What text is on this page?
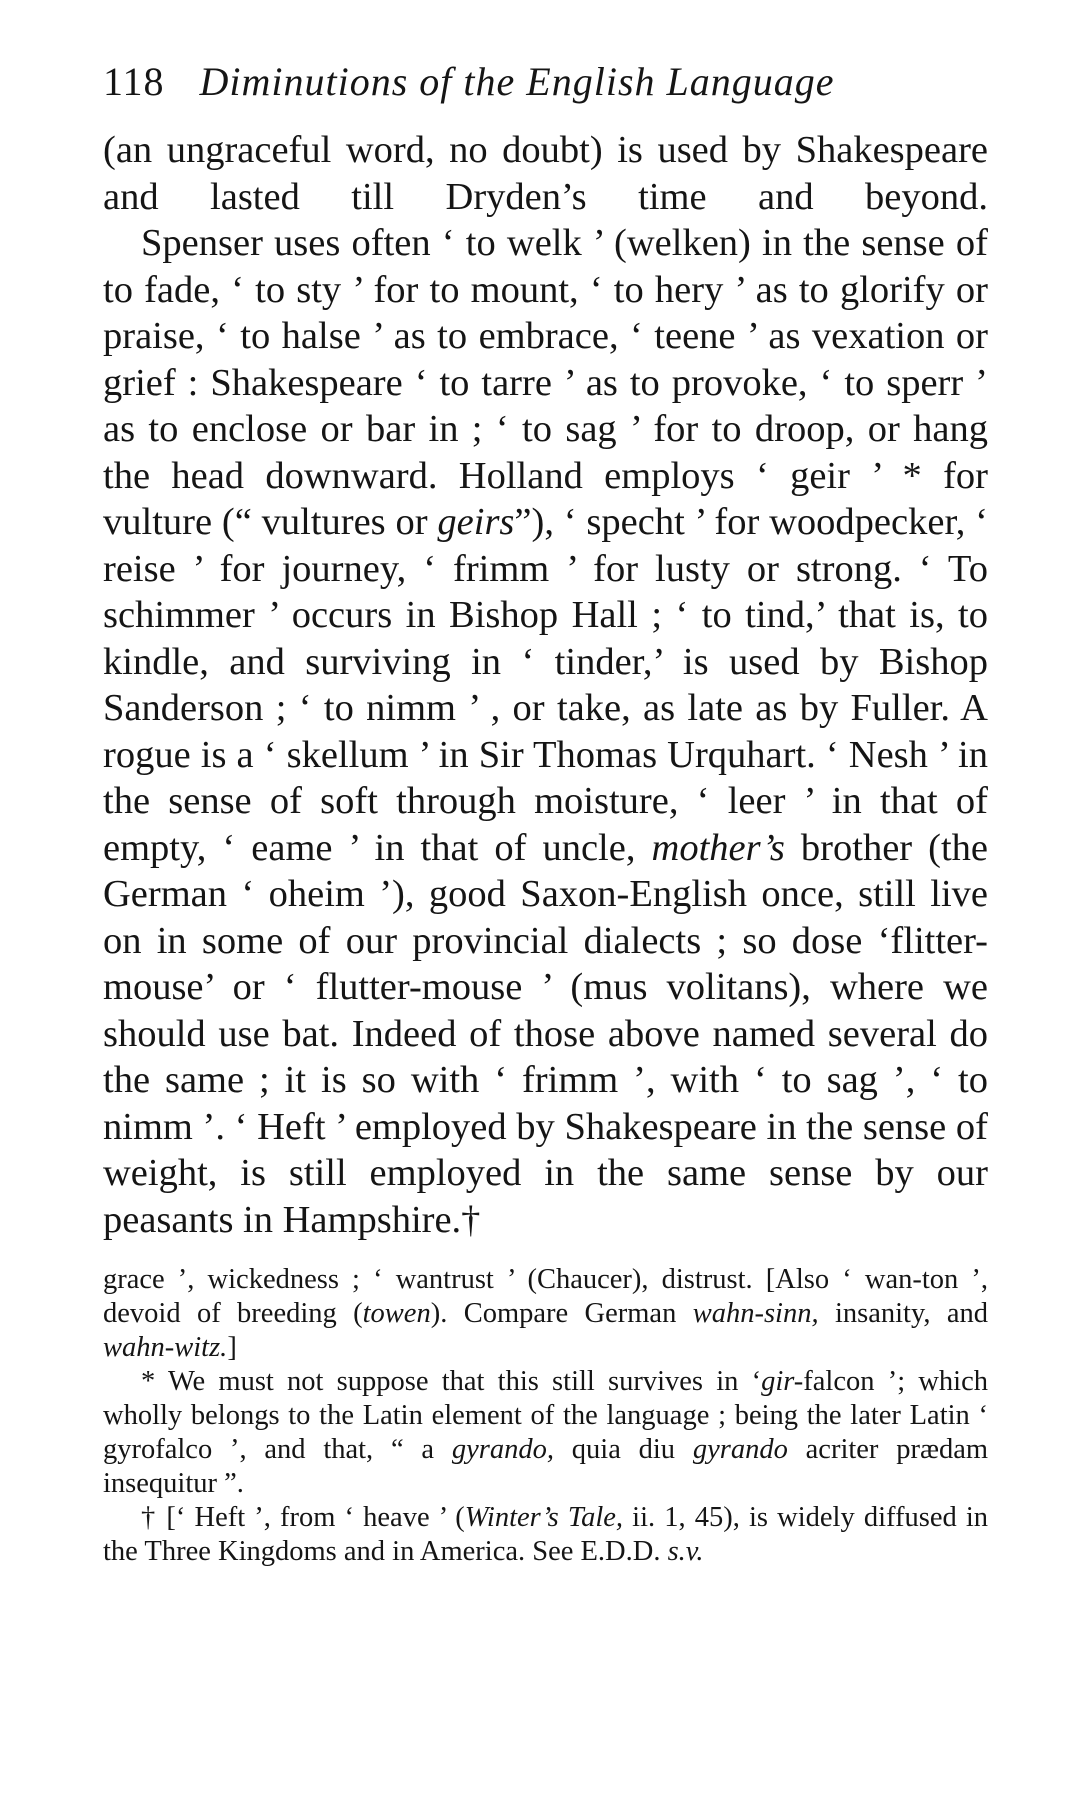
118 Diminutions of the English Language

(an ungraceful word, no doubt) is used by Shakespeare and lasted till Dryden’s time and beyond.

Spenser uses often ‘ to welk ’ (welken) in the sense of to fade, ‘ to sty ’ for to mount, ‘ to hery ’ as to glorify or praise, ‘ to halse ’ as to embrace, ‘ teene ’ as vexation or grief : Shakespeare ‘ to tarre ’ as to provoke, ‘ to sperr ’ as to enclose or bar in ; ‘ to sag ’ for to droop, or hang the head downward. Holland employs ‘ geir ’ * for vulture (“ vultures or geirs”), ‘ specht ’ for woodpecker, ‘ reise ’ for journey, ‘ frimm ’ for lusty or strong. ‘ To schimmer ’ occurs in Bishop Hall ; ‘ to tind,’ that is, to kindle, and surviving in ‘ tinder,’ is used by Bishop Sanderson ; ‘ to nimm ’ , or take, as late as by Fuller. A rogue is a ‘ skellum ’ in Sir Thomas Urquhart. ‘ Nesh ’ in the sense of soft through moisture, ‘ leer ’ in that of empty, ‘ eame ’ in that of uncle, mother’s brother (the German ‘ oheim ’), good Saxon-English once, still live on in some of our provincial dialects ; so dose ‘flitter-mouse’ or ‘ flutter-mouse ’ (mus volitans), where we should use bat. Indeed of those above named several do the same ; it is so with ‘ frimm ’, with ‘ to sag ’, ‘ to nimm ’. ‘ Heft ’ employed by Shakespeare in the sense of weight, is still employed in the same sense by our peasants in Hampshire.†

grace ’, wickedness ; ‘ wantrust ’ (Chaucer), distrust. [Also ‘ wan-ton ’, devoid of breeding (towen). Compare German wahn-sinn, insanity, and wahn-witz.]

* We must not suppose that this still survives in ‘gir-falcon ’; which wholly belongs to the Latin element of the language ; being the later Latin ‘ gyrofalco ’, and that, “ a gyrando, quia diu gyrando acriter prædam insequitur ”.

† [‘ Heft ’, from ‘ heave ’ (Winter’s Tale, ii. 1, 45), is widely diffused in the Three Kingdoms and in America. See E.D.D. s.v.
